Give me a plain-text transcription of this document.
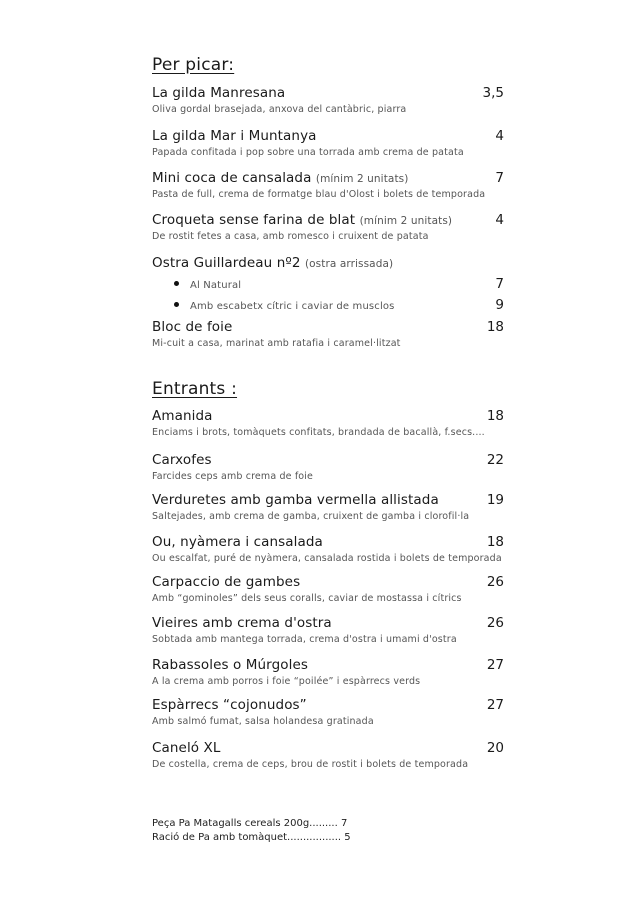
Per picar:
La gilda Manresana	3,5
Oliva gordal brasejada, anxova del cantàbric, piarra
La gilda Mar i Muntanya	4
Papada confitada i pop sobre una torrada amb crema de patata
Mini coca de cansalada (mínim 2 unitats)	7
Pasta de full, crema de formatge blau d'Olost i bolets de temporada
Croqueta sense farina de blat (mínim 2 unitats)	4
De rostit fetes a casa, amb romesco i cruixent de patata
Ostra Guillardeau nº2 (ostra arrissada)
Al Natural	7
Amb escabetx cítric i caviar de musclos	9
Bloc de foie	18
Mi-cuit a casa, marinat amb ratafia i caramel·litzat
Entrants :
Amanida	18
Enciams i brots, tomàquets confitats, brandada de bacallà, f.secs....
Carxofes	22
Farcides ceps amb crema de foie
Verduretes amb gamba vermella allistada	19
Saltejades, amb crema de gamba, cruixent de gamba i clorofil·la
Ou, nyàmera i cansalada	18
Ou escalfat, puré de nyàmera, cansalada rostida i bolets de temporada
Carpaccio de gambes	26
Amb “gominoles” dels seus coralls, caviar de mostassa i cítrics
Vieires amb crema d'ostra	26
Sobtada amb mantega torrada, crema d'ostra i umami d'ostra
Rabassoles o Múrgoles	27
A la crema amb porros i foie “poilée” i espàrrecs verds
Espàrrecs “cojonudos”	27
Amb salmó fumat, salsa holandesa gratinada
Caneló XL	20
De costella, crema de ceps, brou de rostit i bolets de temporada
Peça Pa Matagalls cereals 200g......... 7
Ració de Pa amb tomàquet................. 5
